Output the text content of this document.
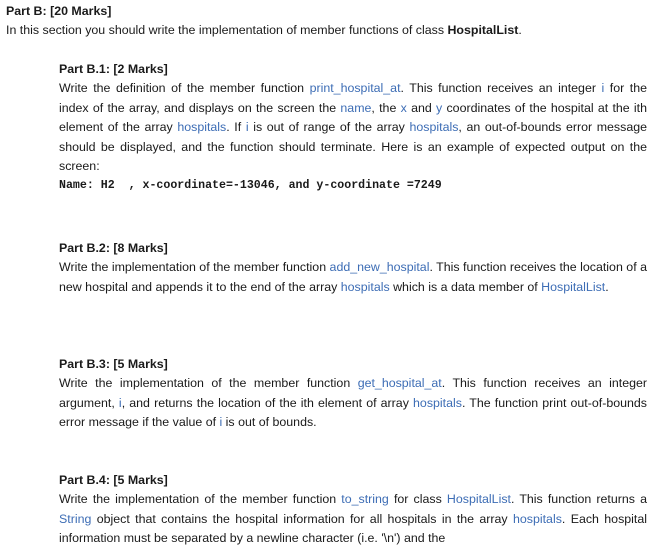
Part B: [20 Marks]
In this section you should write the implementation of member functions of class HospitalList.
Part B.1: [2 Marks]
Write the definition of the member function print_hospital_at. This function receives an integer i for the index of the array, and displays on the screen the name, the x and y coordinates of the hospital at the ith element of the array hospitals. If i is out of range of the array hospitals, an out-of-bounds error message should be displayed, and the function should terminate. Here is an example of expected output on the screen:
Name: H2  , x-coordinate=-13046, and y-coordinate =7249
Part B.2: [8 Marks]
Write the implementation of the member function add_new_hospital. This function receives the location of a new hospital and appends it to the end of the array hospitals which is a data member of HospitalList.
Part B.3: [5 Marks]
Write the implementation of the member function get_hospital_at. This function receives an integer argument, i, and returns the location of the ith element of array hospitals. The function print out-of-bounds error message if the value of i is out of bounds.
Part B.4: [5 Marks]
Write the implementation of the member function to_string for class HospitalList. This function returns a String object that contains the hospital information for all hospitals in the array hospitals. Each hospital information must be separated by a newline character (i.e. '\n') and the
